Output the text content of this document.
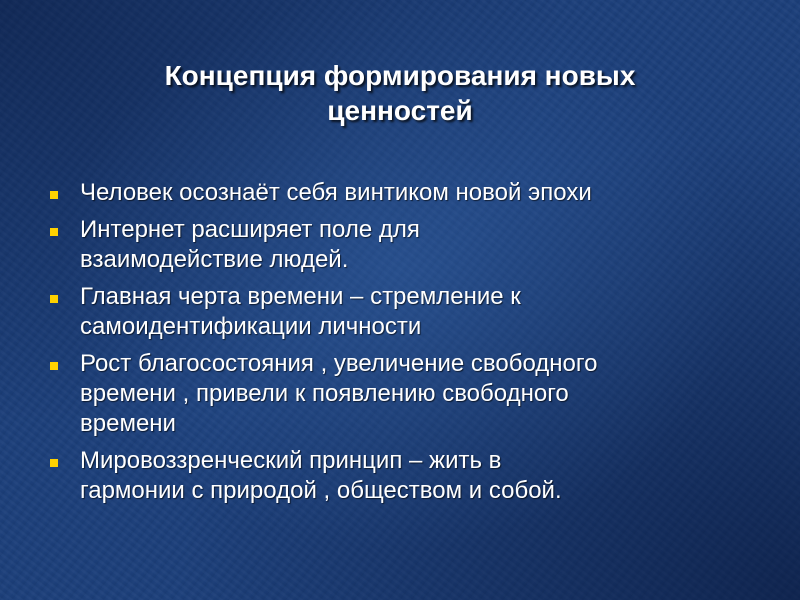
Концепция формирования новых
ценностей
Человек осознаёт себя винтиком новой эпохи
Интернет расширяет поле для
взаимодействие людей.
Главная черта времени – стремление к
самоидентификации личности
Рост благосостояния , увеличение свободного
времени , привели к появлению свободного
времени
Мировоззренческий принцип – жить в
гармонии с природой , обществом и собой.
